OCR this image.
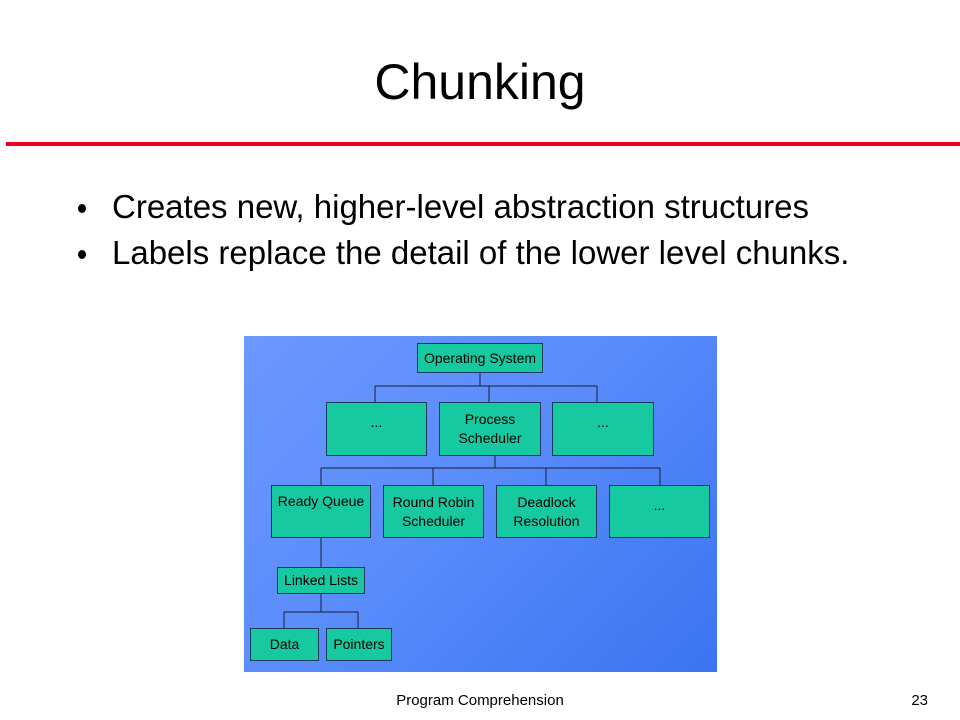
Chunking
Creates new, higher-level abstraction structures
Labels replace the detail of the lower level chunks.
Operating System
...	Process
Scheduler
...
Ready Queue	Round Robin
Scheduler
Deadlock
Resolution
...
Linked Lists
Data	Pointers
Program Comprehension	23
